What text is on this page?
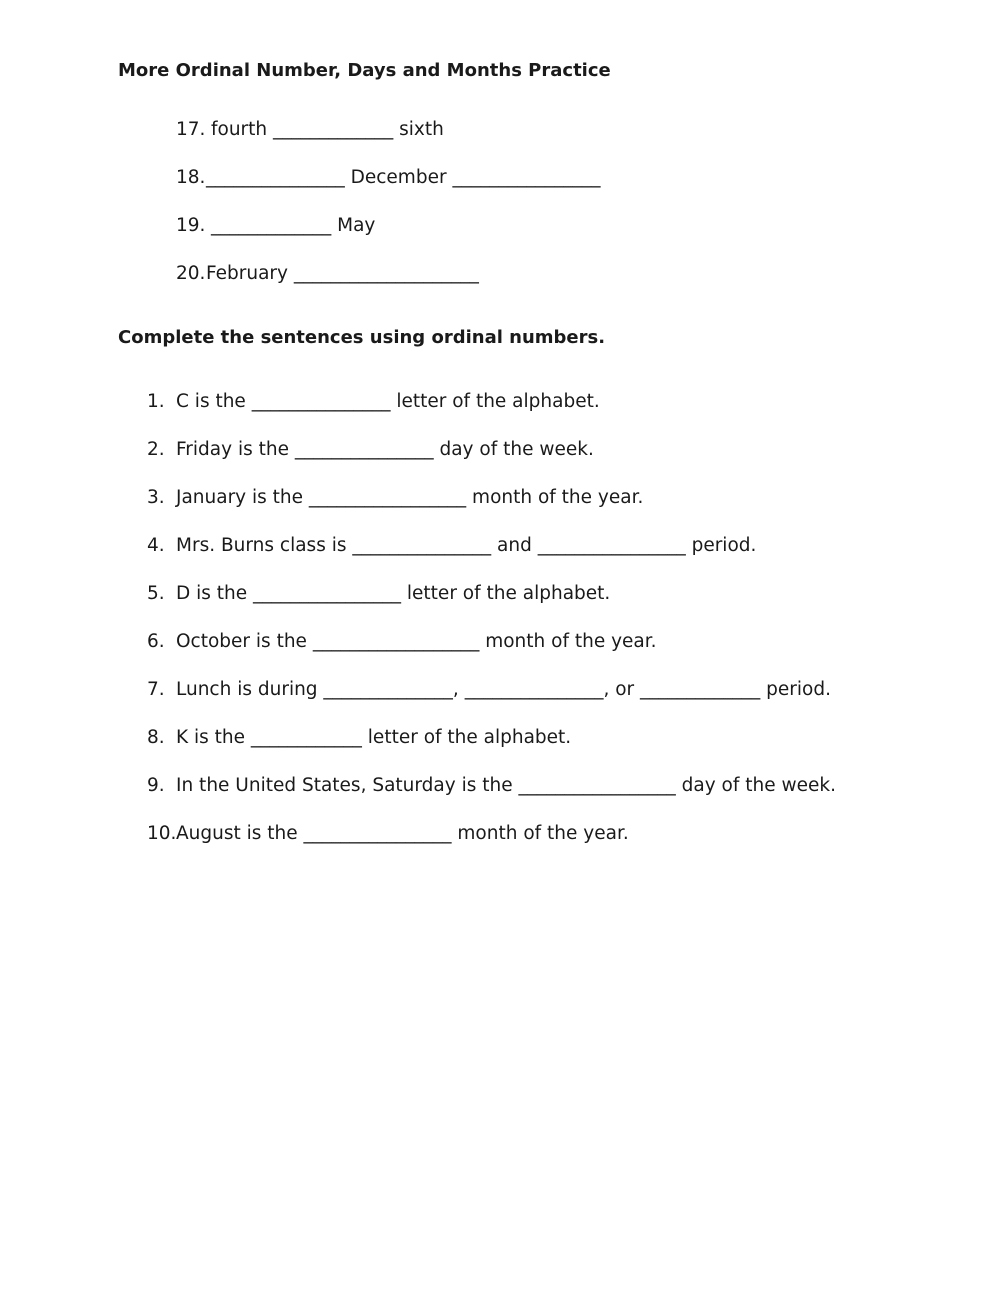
More Ordinal Number, Days and Months Practice
17. fourth _____________ sixth
18. _______________ December ________________
19. _____________ May
20. February ____________________
Complete the sentences using ordinal numbers.
1. C is the _______________ letter of the alphabet.
2. Friday is the _______________ day of the week.
3. January is the _________________ month of the year.
4. Mrs. Burns class is _______________ and ________________ period.
5. D is the ________________ letter of the alphabet.
6. October is the __________________ month of the year.
7. Lunch is during ______________, _______________, or _____________ period.
8. K is the ____________ letter of the alphabet.
9. In the United States, Saturday is the _________________ day of the week.
10. August is the ________________ month of the year.
